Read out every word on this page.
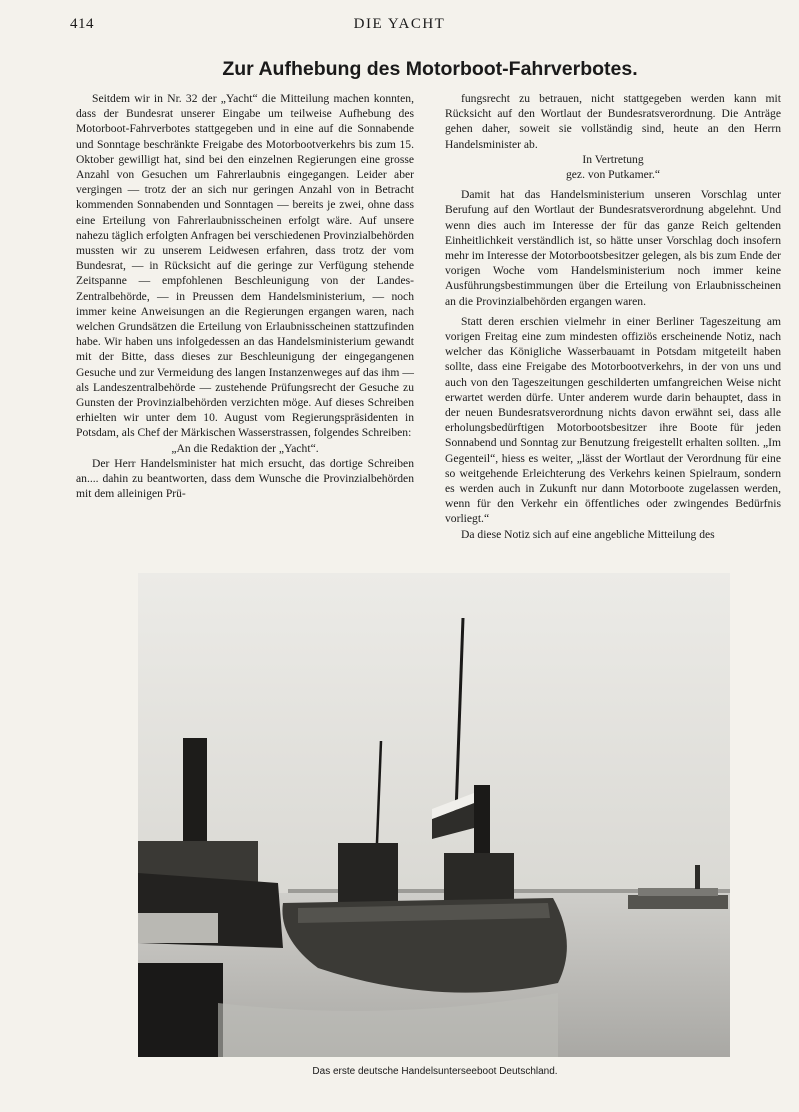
414	DIE YACHT
Zur Aufhebung des Motorboot-Fahrverbotes.

Seitdem wir in Nr. 32 der „Yacht“ die Mitteilung machen konnten, dass der Bundesrat unserer Eingabe um teilweise Aufhebung des Motorboot-Fahrverbotes stattgegeben und in eine auf die Sonnabende und Sonntage beschränkte Freigabe des Motorbootverkehrs bis zum 15. Oktober gewilligt hat, sind bei den einzelnen Regierungen eine grosse Anzahl von Gesuchen um Fahrerlaubnis eingegangen. Leider aber vergingen — trotz der an sich nur geringen Anzahl von in Betracht kommenden Sonnabenden und Sonntagen — bereits je zwei, ohne dass eine Erteilung von Fahrerlaubnisscheinen erfolgt wäre. Auf unsere nahezu täglich erfolgten Anfragen bei verschiedenen Provinzialbehörden mussten wir zu unserem Leidwesen erfahren, dass trotz der vom Bundesrat, — in Rücksicht auf die geringe zur Verfügung stehende Zeitspanne — empfohlenen Beschleunigung von der Landes-Zentralbehörde, — in Preussen dem Handelsministerium, — noch immer keine Anweisungen an die Regierungen ergangen waren, nach welchen Grundsätzen die Erteilung von Erlaubnisscheinen stattzufinden habe. Wir haben uns infolgedessen an das Handelsministerium gewandt mit der Bitte, dass dieses zur Beschleunigung der eingegangenen Gesuche und zur Vermeidung des langen Instanzenweges auf das ihm — als Landeszentralbehörde — zustehende Prüfungsrecht der Gesuche zu Gunsten der Provinzialbehörden verzichten möge. Auf dieses Schreiben erhielten wir unter dem 10. August vom Regierungspräsidenten in Potsdam, als Chef der Märkischen Wasserstrassen, folgendes Schreiben:

„An die Redaktion der „Yacht“.

Der Herr Handelsminister hat mich ersucht, das dortige Schreiben an.... dahin zu beantworten, dass dem Wunsche die Provinzialbehörden mit dem alleinigen Prü-

fungsrecht zu betrauen, nicht stattgegeben werden kann mit Rücksicht auf den Wortlaut der Bundesratsverordnung. Die Anträge gehen daher, soweit sie vollständig sind, heute an den Herrn Handelsminister ab.

In Vertretung

gez. von Putkamer.“

Damit hat das Handelsministerium unseren Vorschlag unter Berufung auf den Wortlaut der Bundesratsverordnung abgelehnt. Und wenn dies auch im Interesse der für das ganze Reich geltenden Einheitlichkeit verständlich ist, so hätte unser Vorschlag doch insofern mehr im Interesse der Motorbootsbesitzer gelegen, als bis zum Ende der vorigen Woche vom Handelsministerium noch immer keine Ausführungsbestimmungen über die Erteilung von Erlaubnisscheinen an die Provinzialbehörden ergangen waren.

Statt deren erschien vielmehr in einer Berliner Tageszeitung am vorigen Freitag eine zum mindesten offiziös erscheinende Notiz, nach welcher das Königliche Wasserbauamt in Potsdam mitgeteilt haben sollte, dass eine Freigabe des Motorbootverkehrs, in der von uns und auch von den Tageszeitungen geschilderten umfangreichen Weise nicht erwartet werden dürfe. Unter anderem wurde darin behauptet, dass in der neuen Bundesratsverordnung nichts davon erwähnt sei, dass alle erholungsbedürftigen Motorbootsbesitzer ihre Boote für jeden Sonnabend und Sonntag zur Benutzung freigestellt erhalten sollten. „Im Gegenteil“, hiess es weiter, „lässt der Wortlaut der Verordnung für eine so weitgehende Erleichterung des Verkehrs keinen Spielraum, sondern es werden auch in Zukunft nur dann Motorboote zugelassen werden, wenn für den Verkehr ein öffentliches oder zwingendes Bedürfnis vorliegt.“

Da diese Notiz sich auf eine angebliche Mitteilung des

Das erste deutsche Handelsunterseeboot Deutschland.
